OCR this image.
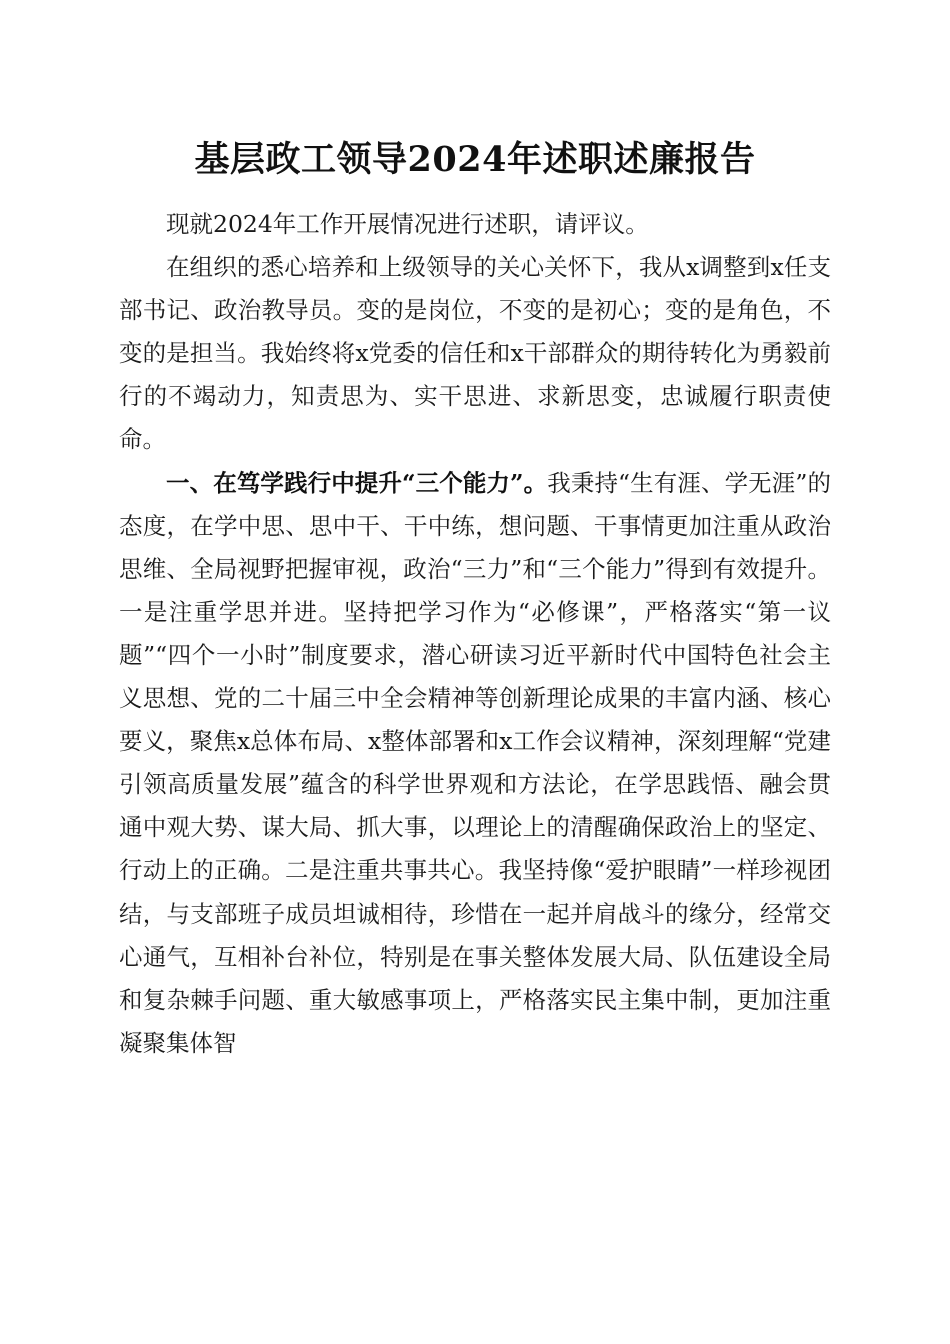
基层政工领导2024年述职述廉报告

现就2024年工作开展情况进行述职，请评议。

在组织的悉心培养和上级领导的关心关怀下，我从x调整到x任支部书记、政治教导员。变的是岗位，不变的是初心；变的是角色，不变的是担当。我始终将x党委的信任和x干部群众的期待转化为勇毅前行的不竭动力，知责思为、实干思进、求新思变，忠诚履行职责使命。

一、在笃学践行中提升“三个能力”。我秉持“生有涯、学无涯”的态度，在学中思、思中干、干中练，想问题、干事情更加注重从政治思维、全局视野把握审视，政治“三力”和“三个能力”得到有效提升。一是注重学思并进。坚持把学习作为“必修课”，严格落实“第一议题”“四个一小时”制度要求，潜心研读习近平新时代中国特色社会主义思想、党的二十届三中全会精神等创新理论成果的丰富内涵、核心要义，聚焦x总体布局、x整体部署和x工作会议精神，深刻理解“党建引领高质量发展”蕴含的科学世界观和方法论，在学思践悟、融会贯通中观大势、谋大局、抓大事，以理论上的清醒确保政治上的坚定、行动上的正确。二是注重共事共心。我坚持像“爱护眼睛”一样珍视团结，与支部班子成员坦诚相待，珍惜在一起并肩战斗的缘分，经常交心通气，互相补台补位，特别是在事关整体发展大局、队伍建设全局和复杂棘手问题、重大敏感事项上，严格落实民主集中制，更加注重凝聚集体智
